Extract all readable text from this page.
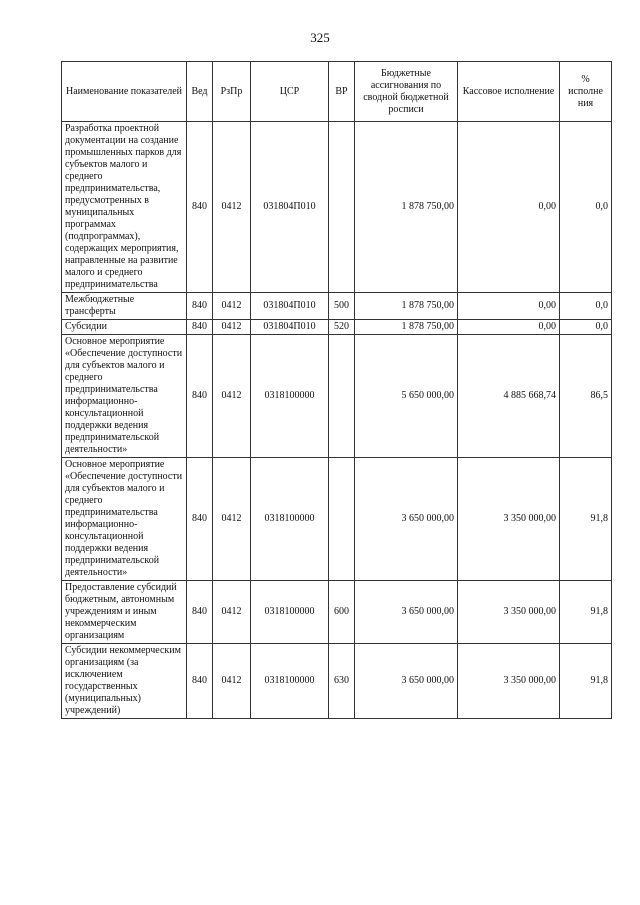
325
Наименование показателей	Вед	РзПр	ЦСР	ВР	Бюджетные ассигнования по сводной бюджетной росписи	Кассовое исполнение	% исполне ния
Разработка проектной документации на создание промышленных парков для субъектов малого и среднего предпринимательства, предусмотренных в муниципальных программах (подпрограммах), содержащих мероприятия, направленные на развитие малого и среднего предпринимательства	840	0412	031804П010		1 878 750,00	0,00	0,0
Межбюджетные трансферты	840	0412	031804П010	500	1 878 750,00	0,00	0,0
Субсидии	840	0412	031804П010	520	1 878 750,00	0,00	0,0
Основное мероприятие «Обеспечение доступности для субъектов малого и среднего предпринимательства информационно-консультационной поддержки ведения предпринимательской деятельности»	840	0412	0318100000		5 650 000,00	4 885 668,74	86,5
Основное мероприятие «Обеспечение доступности для субъектов малого и среднего предпринимательства информационно-консультационной поддержки ведения предпринимательской деятельности»	840	0412	0318100000		3 650 000,00	3 350 000,00	91,8
Предоставление субсидий бюджетным, автономным учреждениям и иным некоммерческим организациям	840	0412	0318100000	600	3 650 000,00	3 350 000,00	91,8
Субсидии некоммерческим организациям (за исключением государственных (муниципальных) учреждений)	840	0412	0318100000	630	3 650 000,00	3 350 000,00	91,8
